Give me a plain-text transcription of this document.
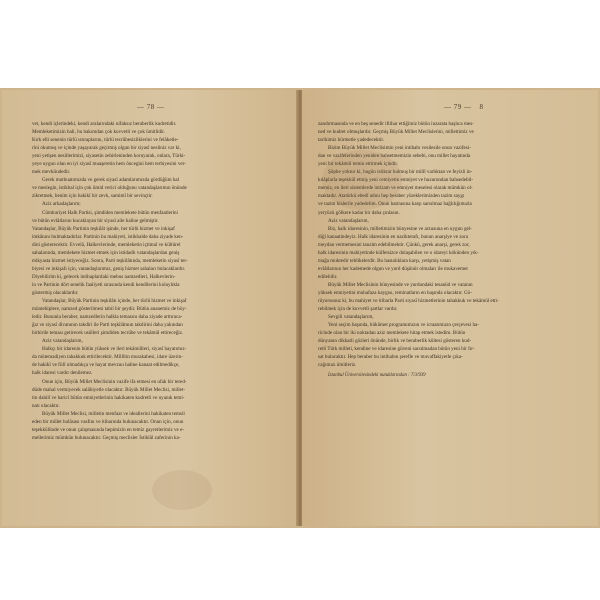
— 78 —

vet, kendi içlerindeki, kendi aralarındaki nifaksız beraberlik kudretidir.

Memleketimizin hali, bu bakımdan çok kuvvetli ve çok ümitlidir.

Kırk elli senenin türlü ıstıraplarını, türlü tecrübesizliklerini ve felâketle-

rini okumuş ve içinde yaşayarak geçirmiş olgun bir siyasî nesliniz var ki,

yeni yetişen nesillerimizi, siyasetin zehirleninden koruyarak, onlara, Türki-

yeye uygun olan en iyi siyasî muaşeretin hem öncegini hem terbiyesini ver-

mek mevkiindedir.

Gerek mutbuatımızda ve gerek siyasî adamlarımızda gördüğüm hal

ve meslegin, istikbal için çok ümid verici olduğunu vatandaşlarımın önünde

zikretmek, benim için hakikî bir zevk, samimî bir sevinçtir.

Aziz arkadaşlarım;

Cümhuriyet Halk Partisi, şimdiden memlekete bütün menfaatlerini

ve bütün evlâtlarını kucaklayan bir siyasî aile haline gelmiştir.

Vatandaşlar, Büyük Partinin teşkilât işinde, her türlü hizmet ve inkişaf

imkânını bulmaktadırlar. Partinin bu mahiyeti, istikbalde daha ziyade ken-

dini gösterecektir. Evvelâ, Halkevlerinde, memleketin içtimaî ve kültürel

sahalarında, memlekete hizmet etmek için istidadlı vatandaşlardan geniş

mikyasta hizmet istiyeceğiz. Sonra, Parti teşkilâtında, memleketin siyasî ter-

biyesi ve inkişafı için, vatandaşlarımız, geniş hizmet sahaları bulacaklardır.

Diyebilirim ki, gelecek intihaplardaki mebus namzedleri, Halkevlerin-

in ve Partinin dört senelik faaliyeti sırasında kendi kendilerini kolaylıkla

göstermiş olacaklardır.

Vatandaşlar, Büyük Partinin teşkilâtı içinde, her türlü hizmet ve inkişaf

müntehiplere, namzed gösterilmesi tabiî bir şeydir. Bütün ananemiz de böy-

ledir. Bununla beraber, namzedlerin halkla temasını daha ziyade arttıraca-

ğız ve siyasî divanının takdiri ile Parti teşkilâtının takdirini daha yakından

birbirile teması getirecek usûlleri şimdiden tecrübe ve tekâmül ettireceğiz.

Aziz vatandaşlarım,

Halkçı bir idarenin bütün yüksek ve ileri tekâmülleri, siyasî hayatımız-

da mütemadiyen tahakkuk ettirilecektir. Millîtin murakabesi, idare üzerin-

de hakikî ve fiilî olmadıkça ve hayat mevzuu haline kanaat edilmedikçe,

halk idaresi vardır denilemez.

Onun için, Büyük Millet Meclisinin vazife ifa etmesi en ufak bir tered-

düde mahal vermiyecek salâhiyetle olacaktır. Büyük Millet Meclisi, millet-

tin dahilî ve haricî bütün emniyetlerinin hakikaten kudretli ve uyanık temi-

natı olacaktır.

Büyük Millet Meclisi, milletin menfaat ve ideallerini hakikaten temsil

eden bir millet hulâsası vasfını ve itibarında bulunacaktır. Onun için, onun

teşekkülünde ve onun çalışmasında hepimizin en temiz gayretlerimiz ve e-

mellerimiz mümkün bulunacaktır. Geçmiş meclisler İstiklâl zaferinin ka-

— 79 — 8

zandırmasında ve en beş senedir iftihar ettiğimiz bütün inzarata başlıca mes-

ned ve kudret olmuşlardır. Geçmiş Büyük Millet Meclislerini, millettimiz ve

tarihimiz hürmetle yadedecektir.

Bizim Büyük Millet Meclisimin yeni intihabı vesilesile onun vazifesi-

dan ve vazifelerinden yeniden bahsetmemizin sebebi, onu millet hayatında

yeni bir tekâmül temin ettirmek içindir.

Şüphe yoktur ki, bugün istikrar bulmuş bir millî varlıktan ve feyizli in-

kılâplarla teşekkül etmiş yeni cemiyetin emniyet ve huzurundan bahsedebil-

memiz, en ileri sistemlerde intizam ve emniyet meselesi olarak mümkün ol-

maktadır. Atatürkü ebedî adını hep beraber yüreklerimizden tazim saygı

ve tazim hislerile yadedelim. Onun hatırasına karşı sarsılmaz bağlılığımızla

yeryüzü gölkere kadar bir daha çınlasın.

Aziz vatandaşlarım,

Biz, halk idaresinin, milletimizin bünyesine ve arzusuna en uygun gel-

diği kanaatindeyiz. Halk idaresinin en nazikterafı, bunun anarşiye ve zora

meydan vermemesini tanzim edebilmektir. Çünkü, gerek anarşi, gerek zor,

halk idaresinin mahiyetinde külfetsizce dolaşabilen ve o idareyi kökünden yık-

mağa muktedir tehlikelerdir. Bu hastalıklara karşı, yetişmiş vatan

evlâtlarının her kademede olgun ve yurd düşünür olmaları ile mukavemet

edilebilir.

Büyük Millet Meclisinin bünyesinde ve yurdundaki tesanüd ve vatanın

yüksek emniyetini muhafaza kaygısı, teminatların en başında olacaktır. Gö-

rüyorsunuz ki, bu mahiyet ve itibarla Parti siyasî hizmetlerinin tahakkuk ve tekâmül etti-

rebilmek için de kuvvetli şartlar vardır.

Sevgili vatandaşlarım,

Yeni seçim başında, hükûmet programımızın ve icraatımızın çerçevesi ha-

ricinde olan bir iki noktadan aziz memlekete hitap etmek istedim. Bütün

dünyanın dikkatli gözleri önünde, birlik ve beraberlik kültesi gösteren kud-

retli Türk milleti, kendine ve idaresine güveni sarsılmadan bütün yeni bir fır-

sat bulacaktır. Hep beraber bu intihabın şerefle ve muvaffakiyetle çıka-

cağımızı ümitleriz.

İstanbul Üniversitesindeki nutuklarından : 7/3/939
